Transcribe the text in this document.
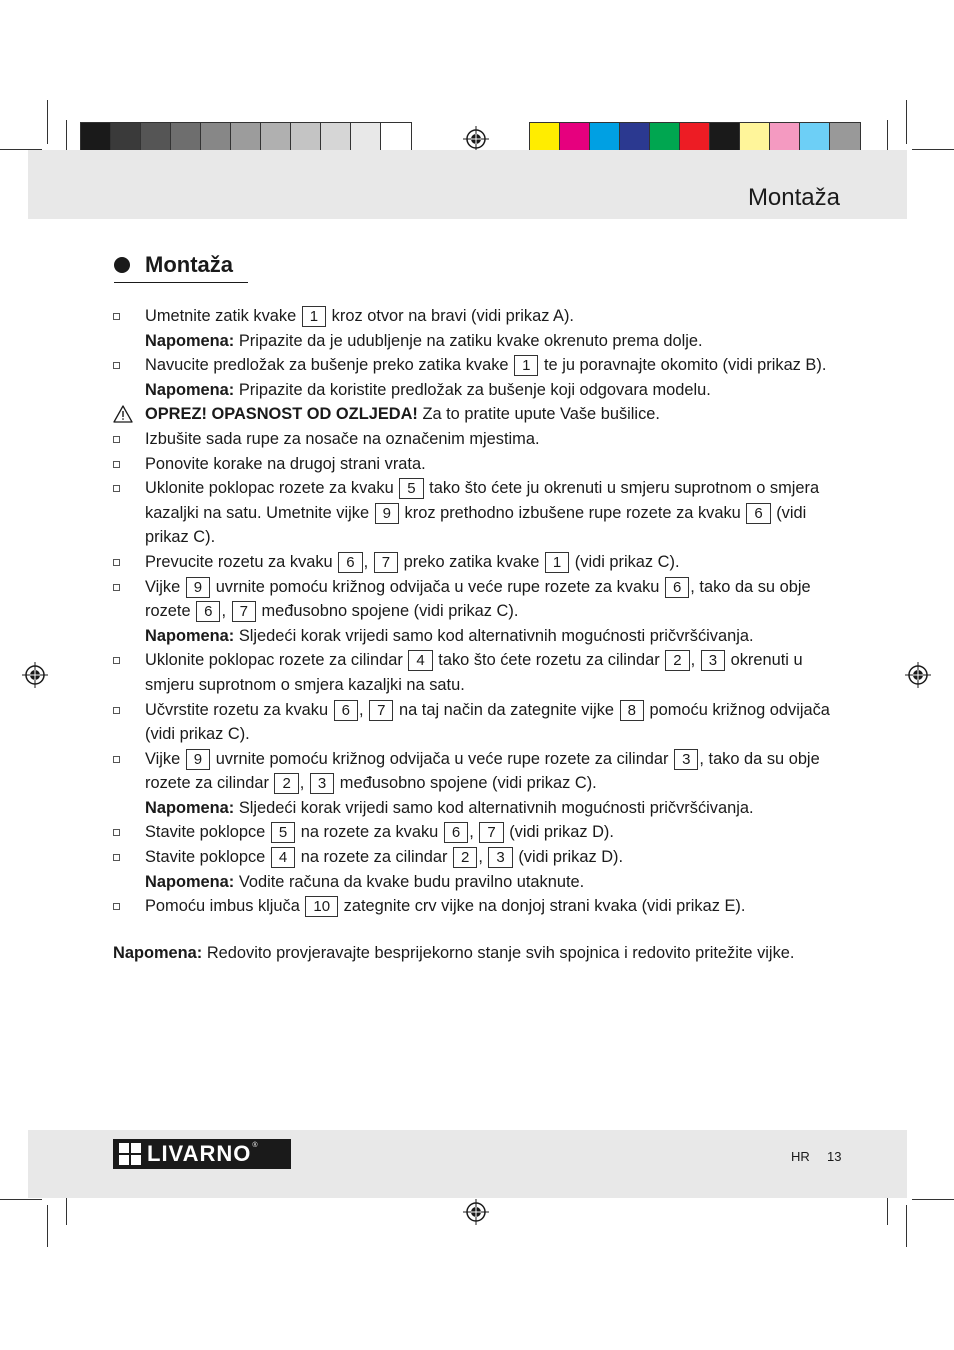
Montaža
Montaža
Umetnite zatik kvake 1 kroz otvor na bravi (vidi prikaz A).
Napomena: Pripazite da je udubljenje na zatiku kvake okrenuto prema dolje.
Navucite predložak za bušenje preko zatika kvake 1 te ju poravnajte okomito (vidi prikaz B).
Napomena: Pripazite da koristite predložak za bušenje koji odgovara modelu.
OPREZ! OPASNOST OD OZLJEDA! Za to pratite upute Vaše bušilice.
Izbušite sada rupe za nosače na označenim mjestima.
Ponovite korake na drugoj strani vrata.
Uklonite poklopac rozete za kvaku 5 tako što ćete ju okrenuti u smjeru suprotnom o smjera kazaljki na satu. Umetnite vijke 9 kroz prethodno izbušene rupe rozete za kvaku 6 (vidi prikaz C).
Prevucite rozetu za kvaku 6 , 7 preko zatika kvake 1 (vidi prikaz C).
Vijke 9 uvrnite pomoću križnog odvijača u veće rupe rozete za kvaku 6 , tako da su obje rozete 6 , 7 međusobno spojene (vidi prikaz C).
Napomena: Sljedeći korak vrijedi samo kod alternativnih mogućnosti pričvršćivanja.
Uklonite poklopac rozete za cilindar 4 tako što ćete rozetu za cilindar 2 , 3 okrenuti u smjeru suprotnom o smjera kazaljki na satu.
Učvrstite rozetu za kvaku 6 , 7 na taj način da zategnite vijke 8 pomoću križnog odvijača (vidi prikaz C).
Vijke 9 uvrnite pomoću križnog odvijača u veće rupe rozete za cilindar 3 , tako da su obje rozete za cilindar 2 , 3 međusobno spojene (vidi prikaz C).
Napomena: Sljedeći korak vrijedi samo kod alternativnih mogućnosti pričvršćivanja.
Stavite poklopce 5 na rozete za kvaku 6 , 7 (vidi prikaz D).
Stavite poklopce 4 na rozete za cilindar 2 , 3 (vidi prikaz D).
Napomena: Vodite računa da kvake budu pravilno utaknute.
Pomoću imbus ključa 10 zategnite crv vijke na donjoj strani kvaka (vidi prikaz E).
Napomena: Redovito provjeravajte besprijekorno stanje svih spojnica i redovito pritežite vijke.
LIVARNO ®
HR 13
